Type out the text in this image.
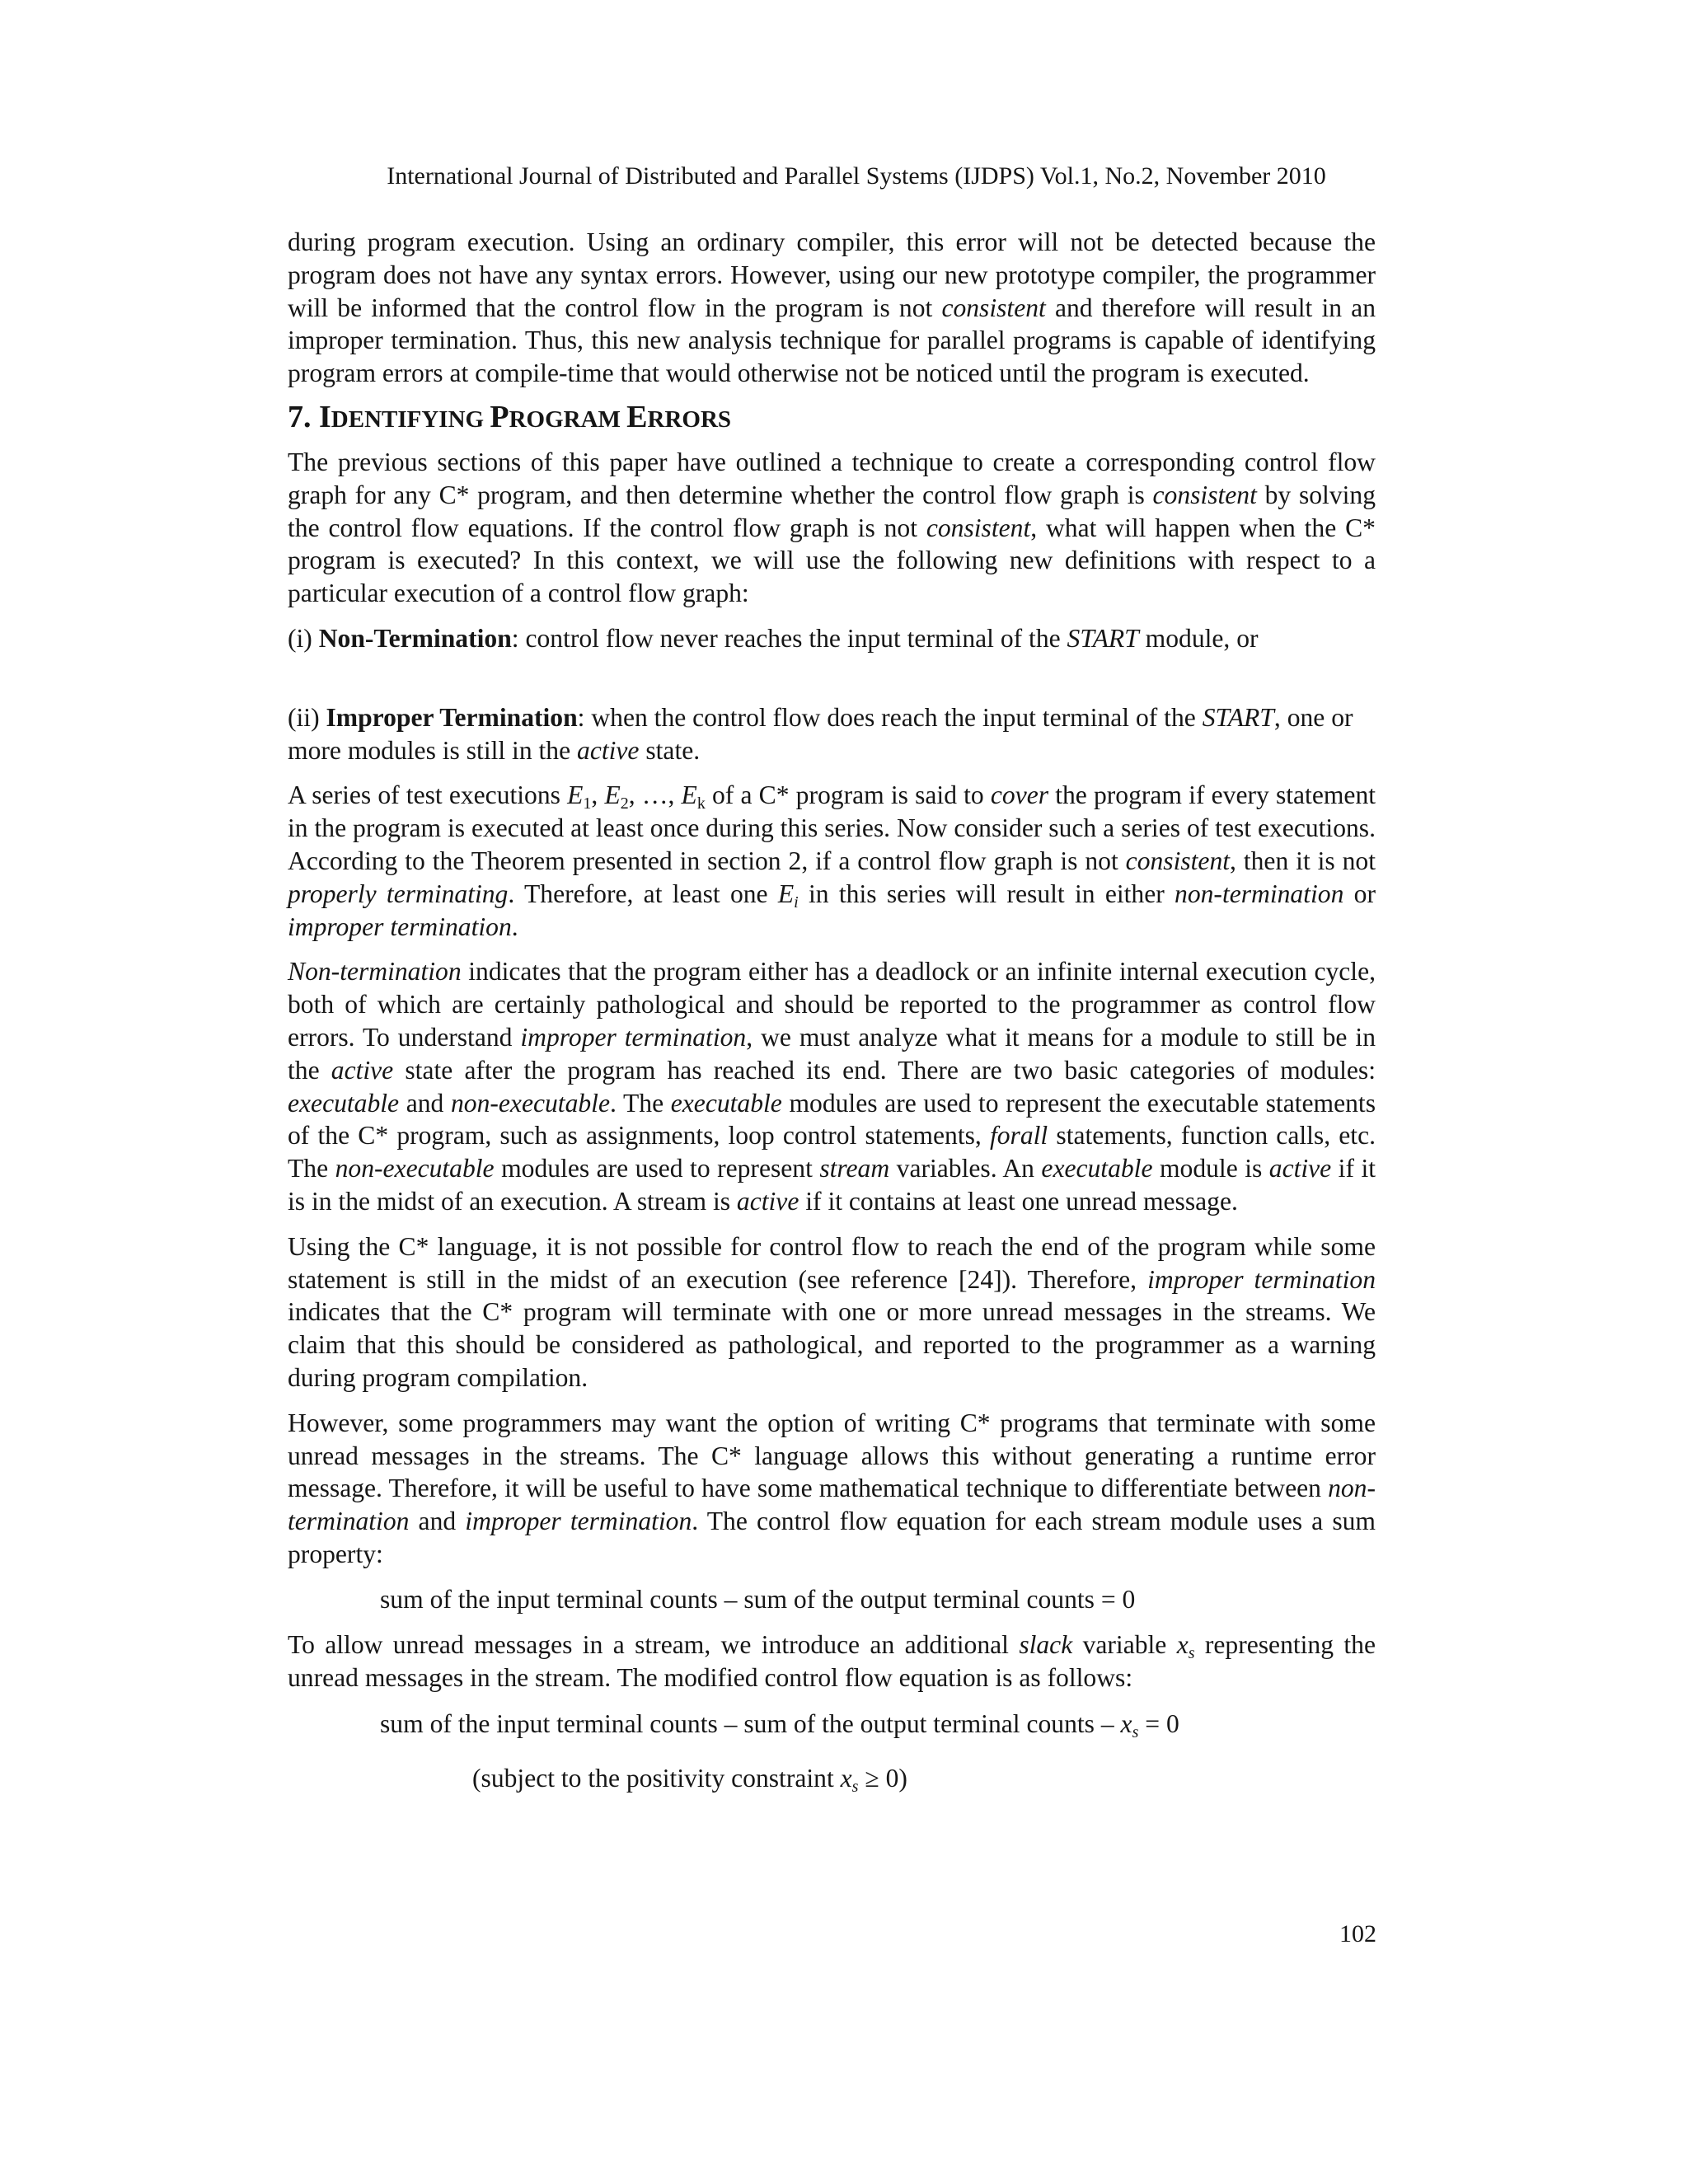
International Journal of Distributed and Parallel Systems (IJDPS) Vol.1, No.2, November 2010

during program execution. Using an ordinary compiler, this error will not be detected because the program does not have any syntax errors. However, using our new prototype compiler, the programmer will be informed that the control flow in the program is not consistent and therefore will result in an improper termination. Thus, this new analysis technique for parallel programs is capable of identifying program errors at compile-time that would otherwise not be noticed until the program is executed.

7. IDENTIFYING PROGRAM ERRORS

The previous sections of this paper have outlined a technique to create a corresponding control flow graph for any C* program, and then determine whether the control flow graph is consistent by solving the control flow equations. If the control flow graph is not consistent, what will happen when the C* program is executed? In this context, we will use the following new definitions with respect to a particular execution of a control flow graph:

(i) Non-Termination: control flow never reaches the input terminal of the START module, or

(ii) Improper Termination: when the control flow does reach the input terminal of the START, one or more modules is still in the active state.

A series of test executions $E_1$, $E_2$, …, $E_k$ of a C* program is said to cover the program if every statement in the program is executed at least once during this series. Now consider such a series of test executions. According to the Theorem presented in section 2, if a control flow graph is not consistent, then it is not properly terminating. Therefore, at least one $E_i$ in this series will result in either non-termination or improper termination.

Non-termination indicates that the program either has a deadlock or an infinite internal execution cycle, both of which are certainly pathological and should be reported to the programmer as control flow errors. To understand improper termination, we must analyze what it means for a module to still be in the active state after the program has reached its end. There are two basic categories of modules: executable and non-executable. The executable modules are used to represent the executable statements of the C* program, such as assignments, loop control statements, forall statements, function calls, etc. The non-executable modules are used to represent stream variables. An executable module is active if it is in the midst of an execution. A stream is active if it contains at least one unread message.

Using the C* language, it is not possible for control flow to reach the end of the program while some statement is still in the midst of an execution (see reference [24]). Therefore, improper termination indicates that the C* program will terminate with one or more unread messages in the streams. We claim that this should be considered as pathological, and reported to the programmer as a warning during program compilation.

However, some programmers may want the option of writing C* programs that terminate with some unread messages in the streams. The C* language allows this without generating a runtime error message. Therefore, it will be useful to have some mathematical technique to differentiate between non-termination and improper termination. The control flow equation for each stream module uses a sum property:

sum of the input terminal counts – sum of the output terminal counts = 0

To allow unread messages in a stream, we introduce an additional slack variable $x_s$ representing the unread messages in the stream. The modified control flow equation is as follows:

sum of the input terminal counts – sum of the output terminal counts – $x_s = 0$

(subject to the positivity constraint $x_s \ge 0$)

102
